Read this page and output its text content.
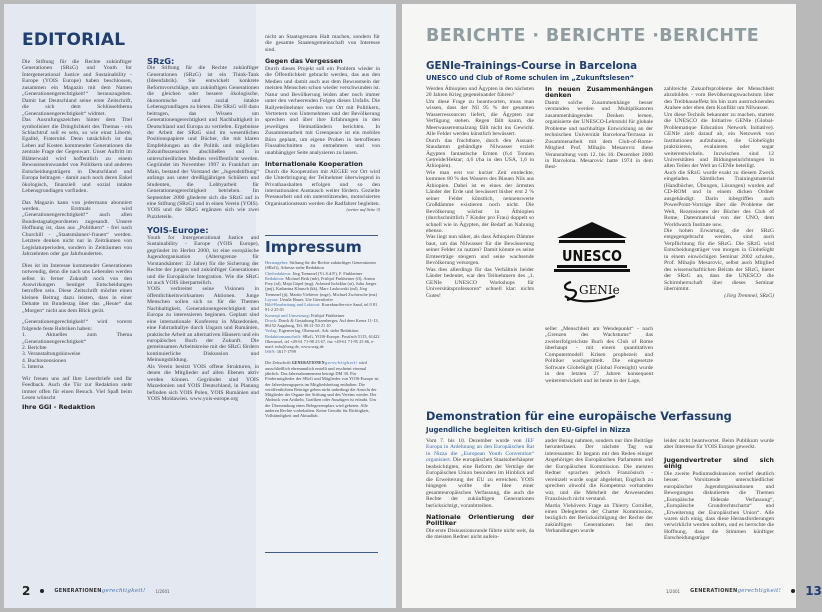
EDITORIAL

Die Stiftung für die Rechte zukünftiger Generationen (SRzG) und Youth for Intergenerational Justice and Sustainability - Europe (YOIS Europe) haben beschlossen, zusammen ein Magazin mit dem Namen „Generationengerechtigkeit!“ herauszugeben. Damit hat Deutschland seine erste Zeitschrift, die sich dem Schlüsselthema „Generationengerechtigkeit“ widmet.

Das Ausrufungszeichen hinter dem Titel symbolisiert die Dringlichkeit des Themas - ein Schlachtruf soll es sein, so wie einst Liberté, Egalité, Fraternité. Denn tatsächlich ist das Leben auf Kosten kommender Generationen die zentrale Frage der Gegenwart. Unser Auftritt im Blätterwald wird hoffentlich zu einem Bewusstseinswandel von Politikern und anderen Entscheidungsträgern in Deutschland und Europa beitragen - damit auch noch deren Enkel ökologisch, finanziell und sozial intakte Lebensgrundlagen vorfinden.

Das Magazin kann von jedermann abonniert werden. Erstmals wird „Generationengerechtigkeit!“ auch allen Bundestagsabgeordneten zugesandt. Unsere Hoffnung ist, dass aus „Politikern“ - frei nach Churchill - „Staatsmänner/-frauen“ werden. Letztere denken nicht nur in Zeiträumen von Legislaturperioden, sondern in Zeiträumen von Jahrzehnten oder gar Jahrhunderten.

Dies ist im Interesse kommender Generationen notwendig, denn die nach uns Lebenden werden selbst in ferner Zukunft noch von den Auswirkungen heutiger Entscheidungen betroffen sein. Diese Zeitschrift möchte einen kleinen Beitrag dazu leisten, dass in einer Debatte im Bundestag über das „Heute“ das „Morgen“ nicht aus dem Blick gerät.

„Generationengerechtigkeit!“ wird vorerst folgende feste Rubriken haben:

1. Aktuelles zum Thema „Generationengerechtigkeit“

2. Berichte

3. Veranstaltungshinweise

4. Buchrezensionen

5. Interna

Wir freuen uns auf Ihre Leserbriefe und Ihr Feedback. Auch die Tür zur Redaktion steht immer offen für einen Besuch. Viel Spaß beim Lesen wünscht

Ihre GGI - Redaktion
SRzG:

Die Stiftung für die Rechte zukünftiger Generationen (SRzG) ist ein Think-Tank (Ideenfabrik). Sie entwickelt konkrete Reformvorschläge, um zukünftigen Generationen die gleichen oder bessere ökologische, ökonomische und sozial intakte Lebensgrundlagen zu bieten. Die SRzG will dazu beitragen, das Wissen um Generationengerechtigkeit und Nachhaltigkeit in Deutschland und Europa zu vertiefen. Ergebnisse der Arbeit der SRzG sind im wesentlichen Positionspapiere und Bücher, die mit klaren Empfehlungen an die Politik und möglichen Zukunftsszenarien abschließen und in unterschiedlichen Medien veröffentlicht werden. Gegründet im November 1997 in Frankfurt am Main, bestand der Vorstand der „Jugendstiftung“ anfangs aus unter dreißigjährigen Schülern und Studenten, die Lobbyarbeit für Generationengerechtigkeit betrieben. Im September 2000 gliederte sich die SRzG auf in eine Stiftung (SRzG) und in einen Verein (YOIS). YOIS und die SRzG ergänzen sich wie zwei Puzzleteile.

YOIS-Europe:

Youth for Intergenerational Justice and Sustainability - Europe (YOIS Europe), gegründet im Herbst 2000, ist eine europäische Jugendorganisation (Altersgrenze für Vorstandsämter: 32 Jahre) für die Sicherung der Rechte der jungen und zukünftiger Generationen und die Europäische Integration. Wie die SRzG ist auch YOIS überparteilich.

YOIS verbreitet seine Visionen in öffentlichkeitswirksamen Aktionen. Junge Menschen sollen sich so für die Themen Nachhaltigkeit, Generationengerechtigkeit und Europa zu interessieren beginnen. Geplant sind eine internationale Konferenz in Mazedonien, eine Fahrradrallye durch Ungarn und Rumänien, praktische Arbeit an alternativen Häusern und ein europäisches Buch der Zukunft. Die gemeinsamen Arbeitskreise mit der SRzG fördern kontinuierliche Diskussion und Meinungsbildung.

Als Verein besitzt YOIS offene Strukturen, in denen die Mitglieder auf allen Ebenen aktiv werden können. Gegründet sind YOIS Mazedonien und YOIS Deutschland, in Planung befinden sich YOIS Polen, YOIS Rumänien und YOIS Moldawien. www.yois-europe.org

nicht an Staatsgrenzen Halt machen, sondern für die gesamte Staatengemeinschaft von Interesse sind.

Gegen das Vergessen

Durch dieses Projekt soll ein Problem wieder in die Öffentlichkeit gebracht werden, das aus den Medien und damit auch aus dem Bewusstsein der meisten Menschen schon wieder verschwunden ist. Natur und Bevölkerung leiden aber noch immer unter den verheerenden Folgen dieses Unfalls. Die Rallyeteilnehmer werden vor Ort mit Politikern, Vertretern von Unternehmen und der Bevölkerung sprechen und über ihre Erfahrungen in den jeweiligen Heimatländern berichten. In Zusammenarbeit mit Greenpeace ist ein mobiles Büro geplant, um eigene Proben in betroffenen Flussabschnitten zu entnehmen und von unabhängiger Seite analysieren zu lassen.

Internationale Kooperation

Durch die Kooperation mit AEGEE vor Ort wird die Unterbringung der Teilnehmer überwiegend in Privathaushalten erfolgen und so den internationalen Austausch weiter fördern. Gezielte Pressearbeit und ein unterstützendes, motorisiertes Organisationsteam werden die Radfahrer begleiten.
(weiter auf Seite 3)

Impressum

Herausgeber: Stiftung für die Rechte zukünftiger Generationen (SRzG), Adresse siehe Redaktion

Chefredakteur: Jörg Tremmel (V.i.S.d.P.), F. Finkbeiner

Redaktion: Michael Beik (mb), Frithjof Finkbeiner (ff), Armin Frey (af), Maja Göpel (mg), Achmed Ischiklar (ai), Julia Jaeger (jmj), Katharina Klausch (kk), Marc Laskowski (ml), Jörg Tremmel (jt), Martin Viehöver (mgv), Michael Zschiesche (mz)

Layout: Ursula Hauer, Ute Giersdorfer

Bild-Bearbeitung und Lektorat: KorrekturService Sand, tel 0 81 91-2 25 01

Konzept und Umsetzung: Frithjof Finkbeiner

Druck: Druck & Gestaltung Eitzenberger, Auf dem Kreuz 11-13, 86152 Augsburg, Tel. 08 21-50 21 10

Verlag: Eigenverlag, Oberursel, Adr. siehe Redaktion

Redaktionsanschrift: SRzG, YOIS-Europe, Postfach 5115, 61422 Oberursel, tel +49-61 71-98 23 67, fax +49-61 71-95 25 66, e-mail: info@srzg.de, www.srzg.de

ISSN: 1617-1799

Die Zeitschrift GENERATIONENgerechtigkeit! wird ausschließlich ehrenamtlich erstellt und erscheint viermal jährlich. Das Jahresabonnement beträgt DM 30. Für Fördermitglieder der SRzG und Mitglieder von YOIS-Europe ist der Jahresbezugspreis im Mitgliedsbeitrag enthalten. Die veröffentlichten Beiträge geben nicht unbedingt die Ansicht der Mitglieder der Organe der Stiftung und des Vereins wieder. Der Abdruck von Artikeln, Grafiken oder Auszügen ist erlaubt. Um die Übersendung eines Belegexemplars wird gebeten. Alle anderen Rechte vorbehalten. Keine Gewähr für Richtigkeit, Vollständigkeit und Aktualität.

2	GENERATIONENgerechtigkeit!	1/2001
BERICHTE · BERICHTE ·BERICHTE
GENIe-Trainings-Course in Barcelona
UNESCO und Club of Rome schulen im „Zukunftslesen“

Werden Äthiopien und Ägypten in den nächsten 20 Jahren Krieg gegeneinander führen?

Um diese Frage zu beantworten, muss man wissen, dass der Nil 95 % der gesamten Wasserressourcen liefert, die Ägypten zur Verfügung stehen. Regen fällt kaum, die Meerwasserentsalzung fällt nicht ins Gewicht. Alle Felder werden künstlich bewässert.

Durch das fruchtbare, durch den Assuan-Staudamm gebändigte Nilwasser erzielt Ägypten fantastische Ernten (6,4 Tonnen Getreide/Hektar; 4,6 t/ha in den USA, 1,6 in Äthiopien).

Wie man erst vor kurzer Zeit entdeckte, kommen 80 % des Wassers des Blauen Nils aus Äthiopien. Dabei ist es eines der ärmsten Länder der Erde und bewässert bisher erst 2 % seiner Felder künstlich, nennenswerte Großdämme existieren noch nicht. Die Bevölkerung wächst in Äthiopien (durchschnittlich 7 Kinder pro Frau) doppelt so schnell wie in Ägypten, der Bedarf an Nahrung ebenso.

Was liegt nun näher, als dass Äthiopien Dämme baut, um das Nilwasser für die Bewässerung seiner Felder zu nutzen? Damit könnte es seine Ernteerträge steigern und seine wachsende Bevölkerung versorgen.

Was dies allerdings für das Verhältnis beider Länder bedeutet, war den Teilnehmern des „1. GENIe UNESCO Workshops für Universitätsprofessoren“ schnell klar: nichts Gutes!

In neuen Zusammenhängen denken

Damit solche Zusammenhänge besser verstanden werden und Multiplikatoren zusammenhängendes Denken lernen, organisierte der UNESCO-Lehrstuhl für globale Probleme und nachhaltige Entwicklung an der technischen Universität Barcelona/Terrassa in Zusammenarbeit mit dem Club-of-Rome-Mitglied Prof. Mihajlo Mesarovic diese Veranstaltung vom 12. bis 16. Dezember 2000 in Barcelona. Mesarovic hatte 1974 in dem Best-

UNESCO
GENIe

seller „Menschheit am Wendepunkt“ - nach „Grenzen des Wachstums“ das zweiterfolgreichste Buch des Club of Rome überhaupt - mit einem quantitativen Computermodell Krisen prophezeit und Politiker wachgerüttelt. Die eingesetzte Software GlobeSight (Global Foresight) wurde in den letzten 27 Jahren konsequent weiterentwickelt und ist heute in der Lage,

zahlreiche Zukunftsprobleme der Menschheit abzubilden - vom Bevölkerungswachstum über den Treibhauseffekt bis hin zum austrocknenden Aralsee oder eben dem Konflikt um Nilwasser.

Um diese Technik bekannter zu machen, startete die UNESCO die Initiative GENIe (Global-Problematique Education Network Initiative). GENIe zielt darauf ab, ein Netzwerk von Institutionen aufzubauen, die GlobeSight praktizieren, evaluieren oder sogar weiterentwickeln. Inzwischen sind 12 Universitäten und Bildungseinrichtungen in allen Teilen der Welt an GENIe beteiligt.

Auch die SRzG wurde exakt zu diesem Zweck eingeladen. Sämtliches Trainingsmaterial (Handbücher, Übungen, Lösungen) wurden auf CD-ROM und in einem dicken Ordner ausgehändigt. Darin inbegriffen auch PowerPoint-Vorträge über die Probleme der Welt, Rezensionen der Bücher des Club of Rome, Datenmaterial von der UNO, dem Worldwatch Institute usw.

Die hohen Erwartung, die der SRzG entgegengebracht werden, sind auch Verpflichtung für die SRzG. Die SRzG wird Entscheidungsträger von morgen in GlobeSight in einem einwöchigen Seminar 2002 schulen. Prof. Mihajlo Mesarovic, selbst auch Mitglied des wissenschaftlichen Beirats der SRzG, bietet der SRzG an, dass die UNESCO die Schirmherrschaft über dieses Seminar übernimmt.

(Jörg Tremmel, SRzG)

Demonstration für eine europäische Verfassung
Jugendliche begleiten kritisch den EU-Gipfel in Nizza

Vom 7. bis 10. Dezember wurde von JEF Europa in Anlehnung an den Europäischen Rat in Nizza die „European Youth Convention“ organisiert. Die europäischen Staatsoberhäupter beabsichtigten, eine Reform der Verträge der Europäischen Union besonders im Hinblick auf die Erweiterung der EU zu erreichen. YOIS hingegen wollte die Idee einer gesamteuropäischen Verfassung, die auch die Rechte der zukünftigen Generationen berücksichtigt, voranbtreiben.

Nationale Orientierung der Politiker

Die erste Diskussionsrunde führte nicht weit, da die meisten Redner nicht aufein-

ander Bezug nahmen, sondern nur ihre Beiträge herunterlasen. Der nächste Tag war interessanter. Er begann mit den Reden einiger Angehöriger des Europäischen Parlaments und der Europäischen Kommission. Die meisten Redner sprachen jedoch Französisch - vereinzelt wurde sogar abgelehnt, Englisch zu sprechen obwohl die Kompetenz vorhanden war, und die Mehrheit der Anwesenden Französisch nicht verstand.

Martin Viehövers Frage an Thierry Cornillet, einen Delegierten der Charter Kommission, bezüglich der Berücksichtigung der Rechte der zukünftigen Generationen bei den Verhandlungen wurde

leider nicht beantwortet. Beim Publikum wurde aber Interesse für YOIS Europe geweckt.

Jugendvertreter sind sich einig

Die zweite Podiumsdiskussion verlief deutlich besser. Vorsitzende unterschiedlicher europäischer Jugendorganisationen und Bewegungen diskutierten die Themen „Europäische föderale Verfassung“, „Europäische Grundrechtscharta“ und „Erweiterung der Europäischen Union“. Alle waren sich einig, dass diese Herausforderungen verwirklicht werden sollten, und es herrschte die Hoffnung, dass die Stimmen künftiger Entscheidungsträger

1/2001 GENERATIONENgerechtigkeit! 13
